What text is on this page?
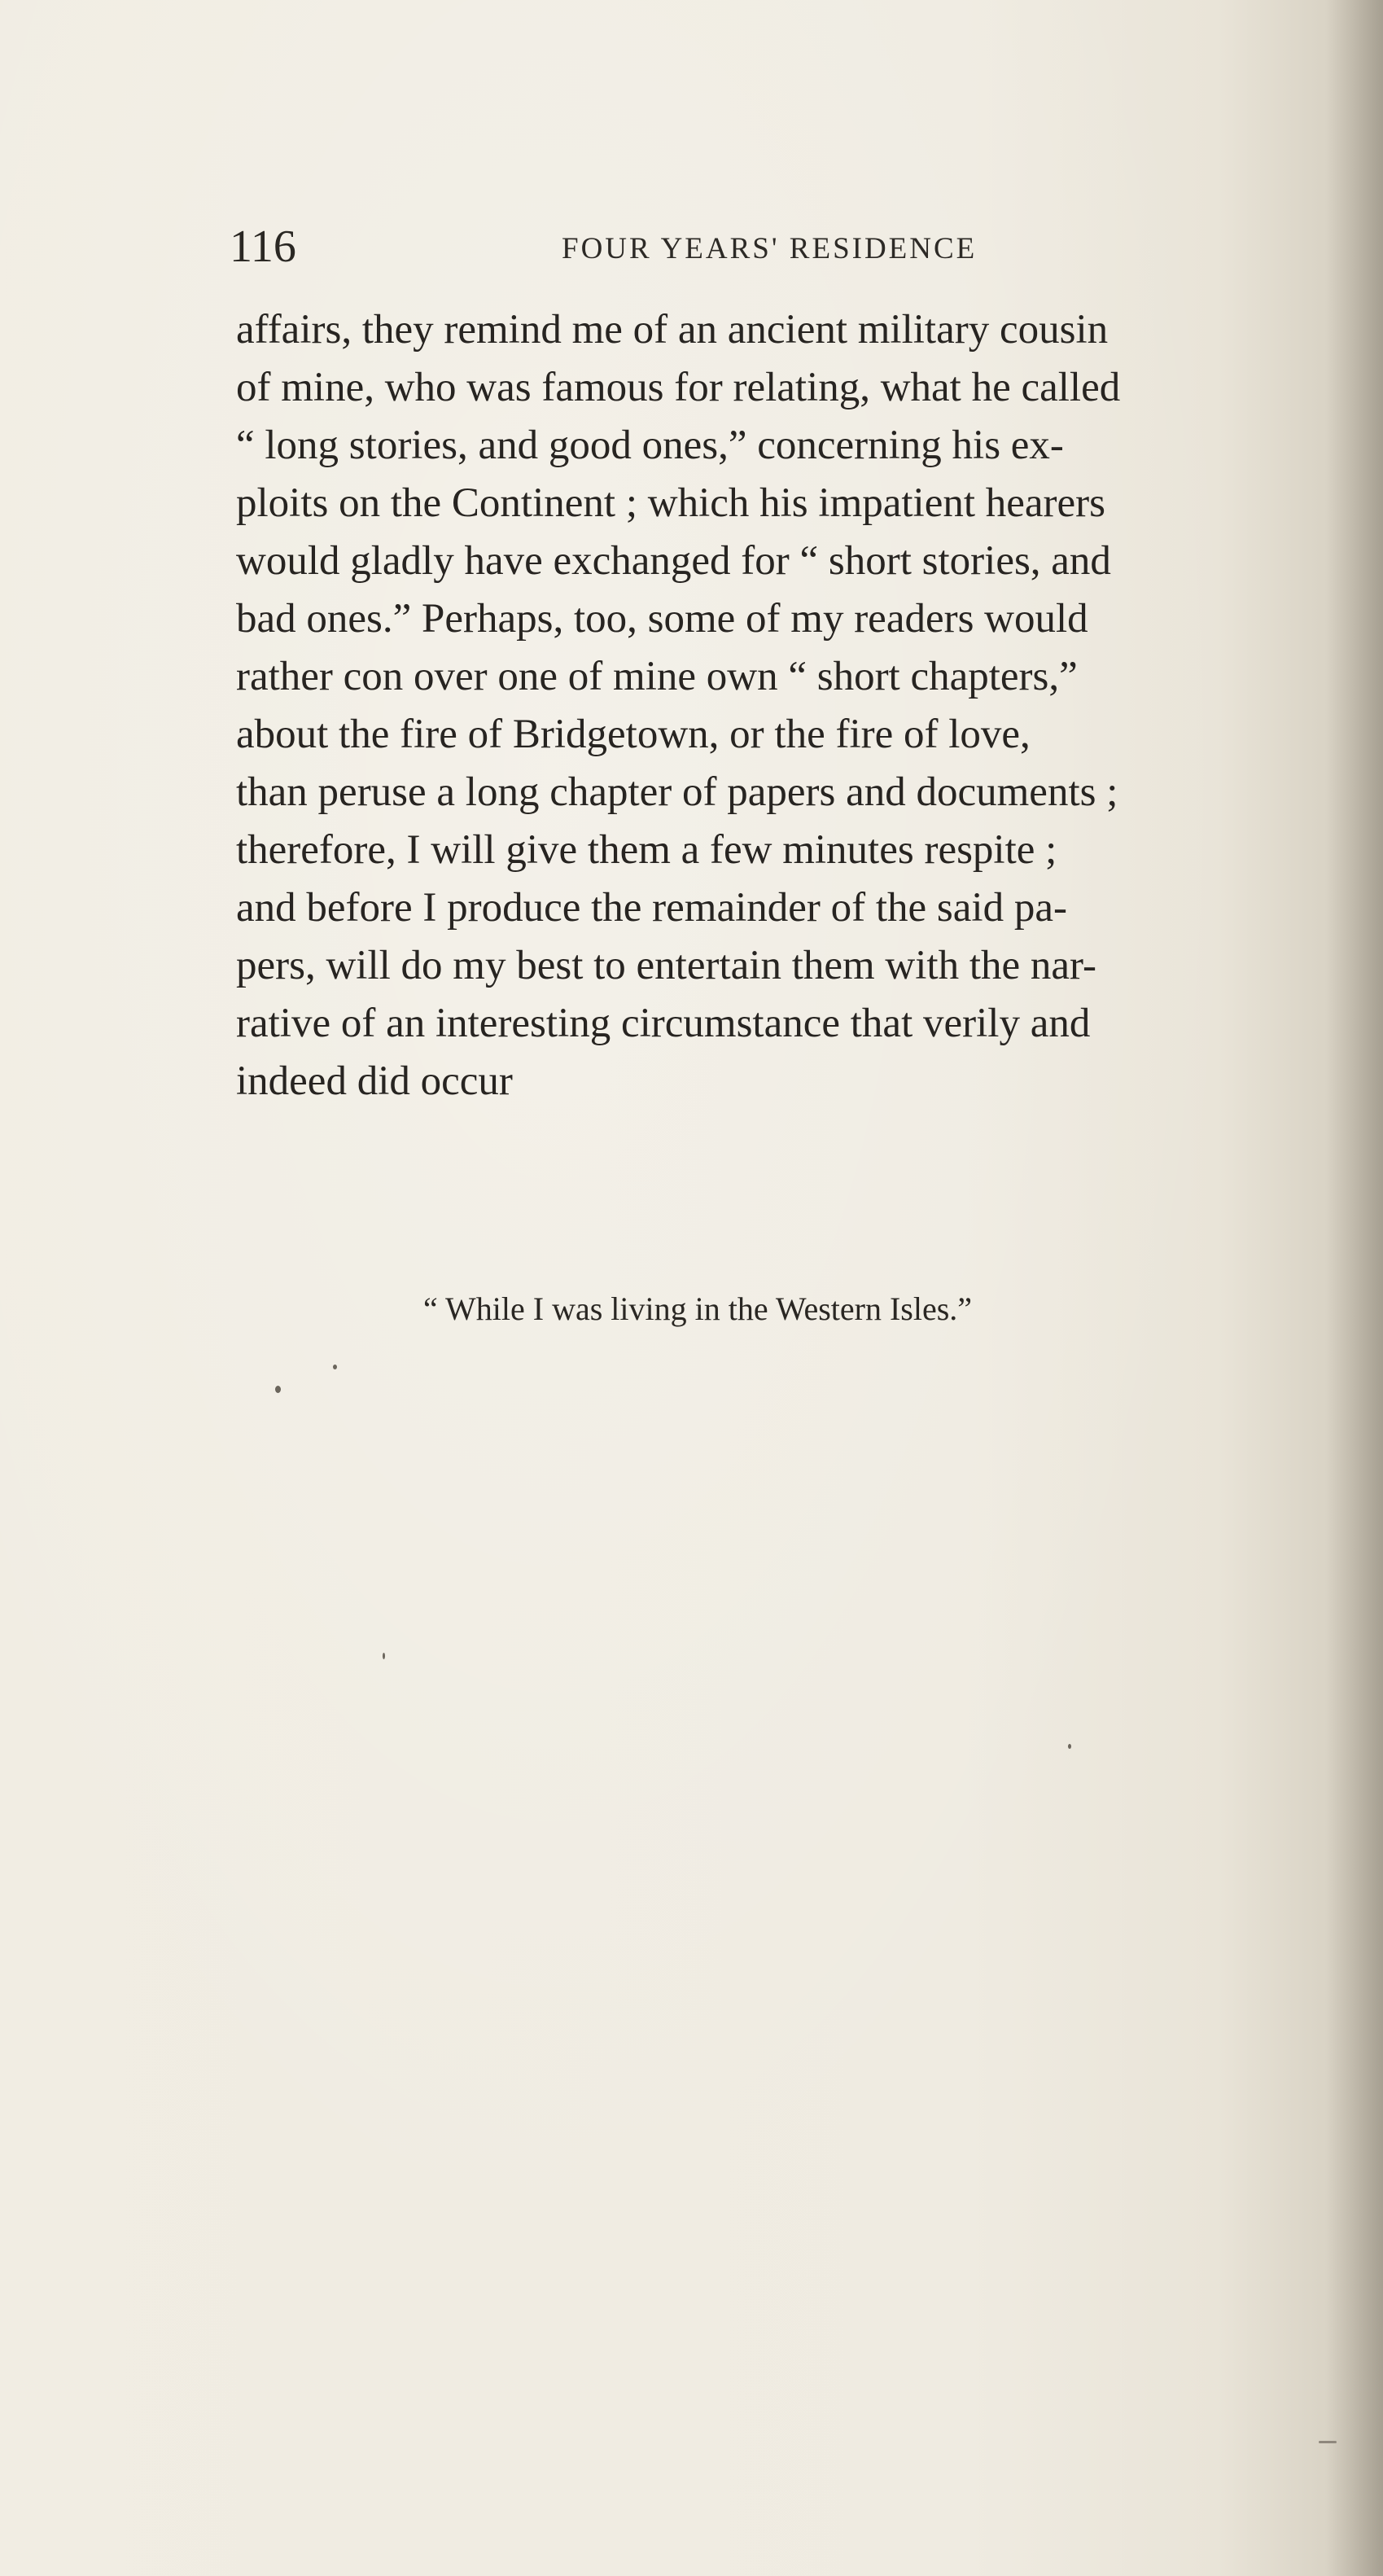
116	FOUR YEARS' RESIDENCE
affairs, they remind me of an ancient military cousin
of mine, who was famous for relating, what he called
“ long stories, and good ones,” concerning his ex-
ploits on the Continent ; which his impatient hearers
would gladly have exchanged for “ short stories, and
bad ones.” Perhaps, too, some of my readers would
rather con over one of mine own “ short chapters,”
about the fire of Bridgetown, or the fire of love,
than peruse a long chapter of papers and documents ;
therefore, I will give them a few minutes respite ;
and before I produce the remainder of the said pa-
pers, will do my best to entertain them with the nar-
rative of an interesting circumstance that verily and
indeed did occur
“ While I was living in the Western Isles.”
